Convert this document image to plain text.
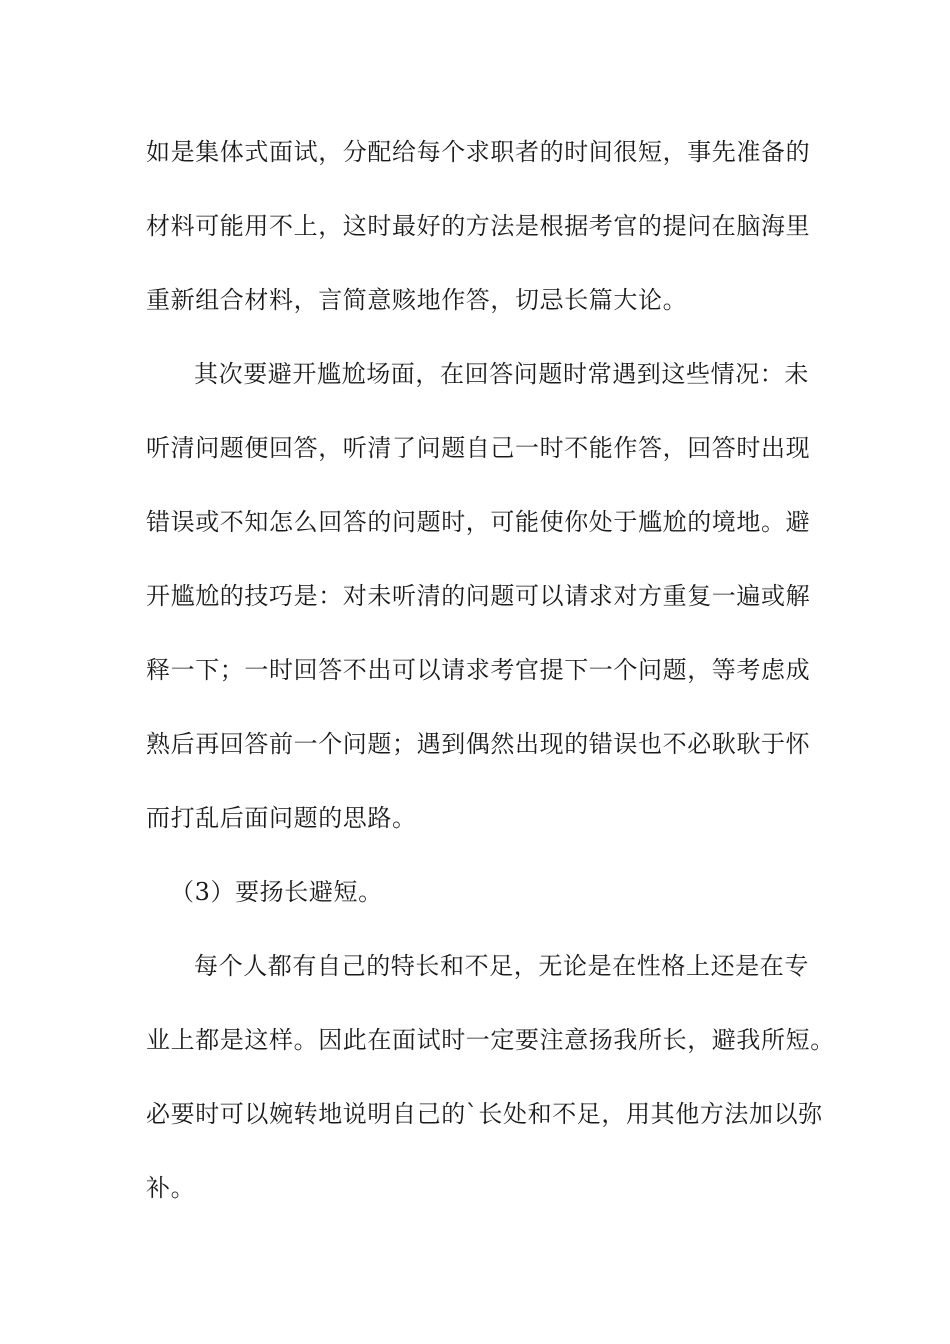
如是集体式面试，分配给每个求职者的时间很短，事先准备的

材料可能用不上，这时最好的方法是根据考官的提问在脑海里

重新组合材料，言简意赅地作答，切忌长篇大论。

其次要避开尴尬场面，在回答问题时常遇到这些情况：未

听清问题便回答，听清了问题自己一时不能作答，回答时出现

错误或不知怎么回答的问题时，可能使你处于尴尬的境地。避

开尴尬的技巧是：对未听清的问题可以请求对方重复一遍或解

释一下；一时回答不出可以请求考官提下一个问题，等考虑成

熟后再回答前一个问题；遇到偶然出现的错误也不必耿耿于怀

而打乱后面问题的思路。

（3）要扬长避短。

每个人都有自己的特长和不足，无论是在性格上还是在专

业上都是这样。因此在面试时一定要注意扬我所长，避我所短。

必要时可以婉转地说明自己的`长处和不足，用其他方法加以弥

补。
